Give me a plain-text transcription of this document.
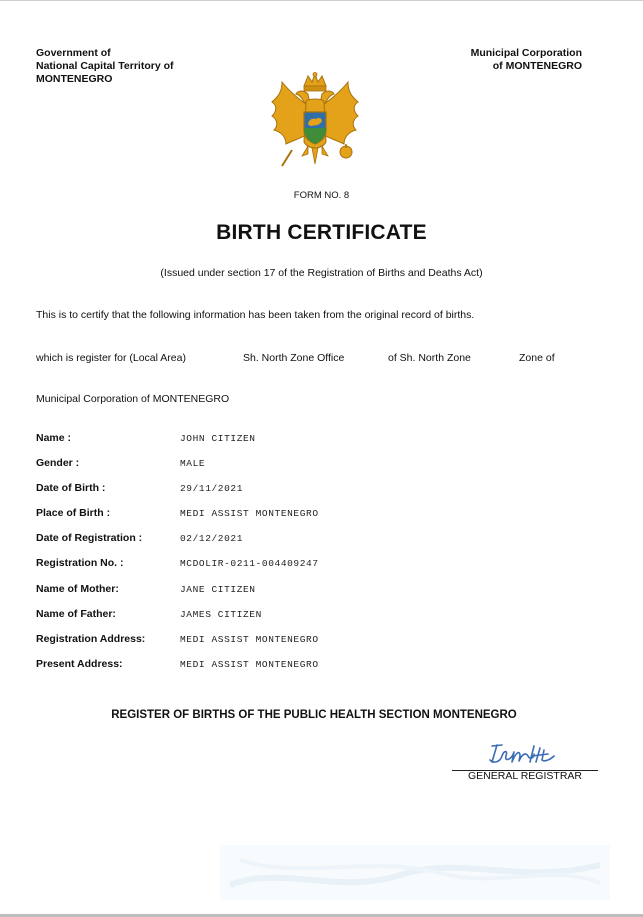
Government of
National Capital Territory of
MONTENEGRO
Municipal Corporation
of MONTENEGRO
FORM NO. 8
BIRTH CERTIFICATE
(Issued under section 17 of the Registration of Births and Deaths Act)
This is to certify that the following information has been taken from the original record of births.
which is register for (Local Area)	Sh. North Zone Office	of Sh. North Zone	Zone of
Municipal Corporation of MONTENEGRO
Name :	JOHN CITIZEN
Gender :	MALE
Date of Birth :	29/11/2021
Place of Birth :	MEDI ASSIST MONTENEGRO
Date of Registration :	02/12/2021
Registration No. :	MCDOLIR-0211-004409247
Name of Mother:	JANE CITIZEN
Name of Father:	JAMES CITIZEN
Registration Address:	MEDI ASSIST MONTENEGRO
Present Address:	MEDI ASSIST MONTENEGRO
REGISTER OF BIRTHS OF THE PUBLIC HEALTH SECTION MONTENEGRO
GENERAL REGISTRAR
